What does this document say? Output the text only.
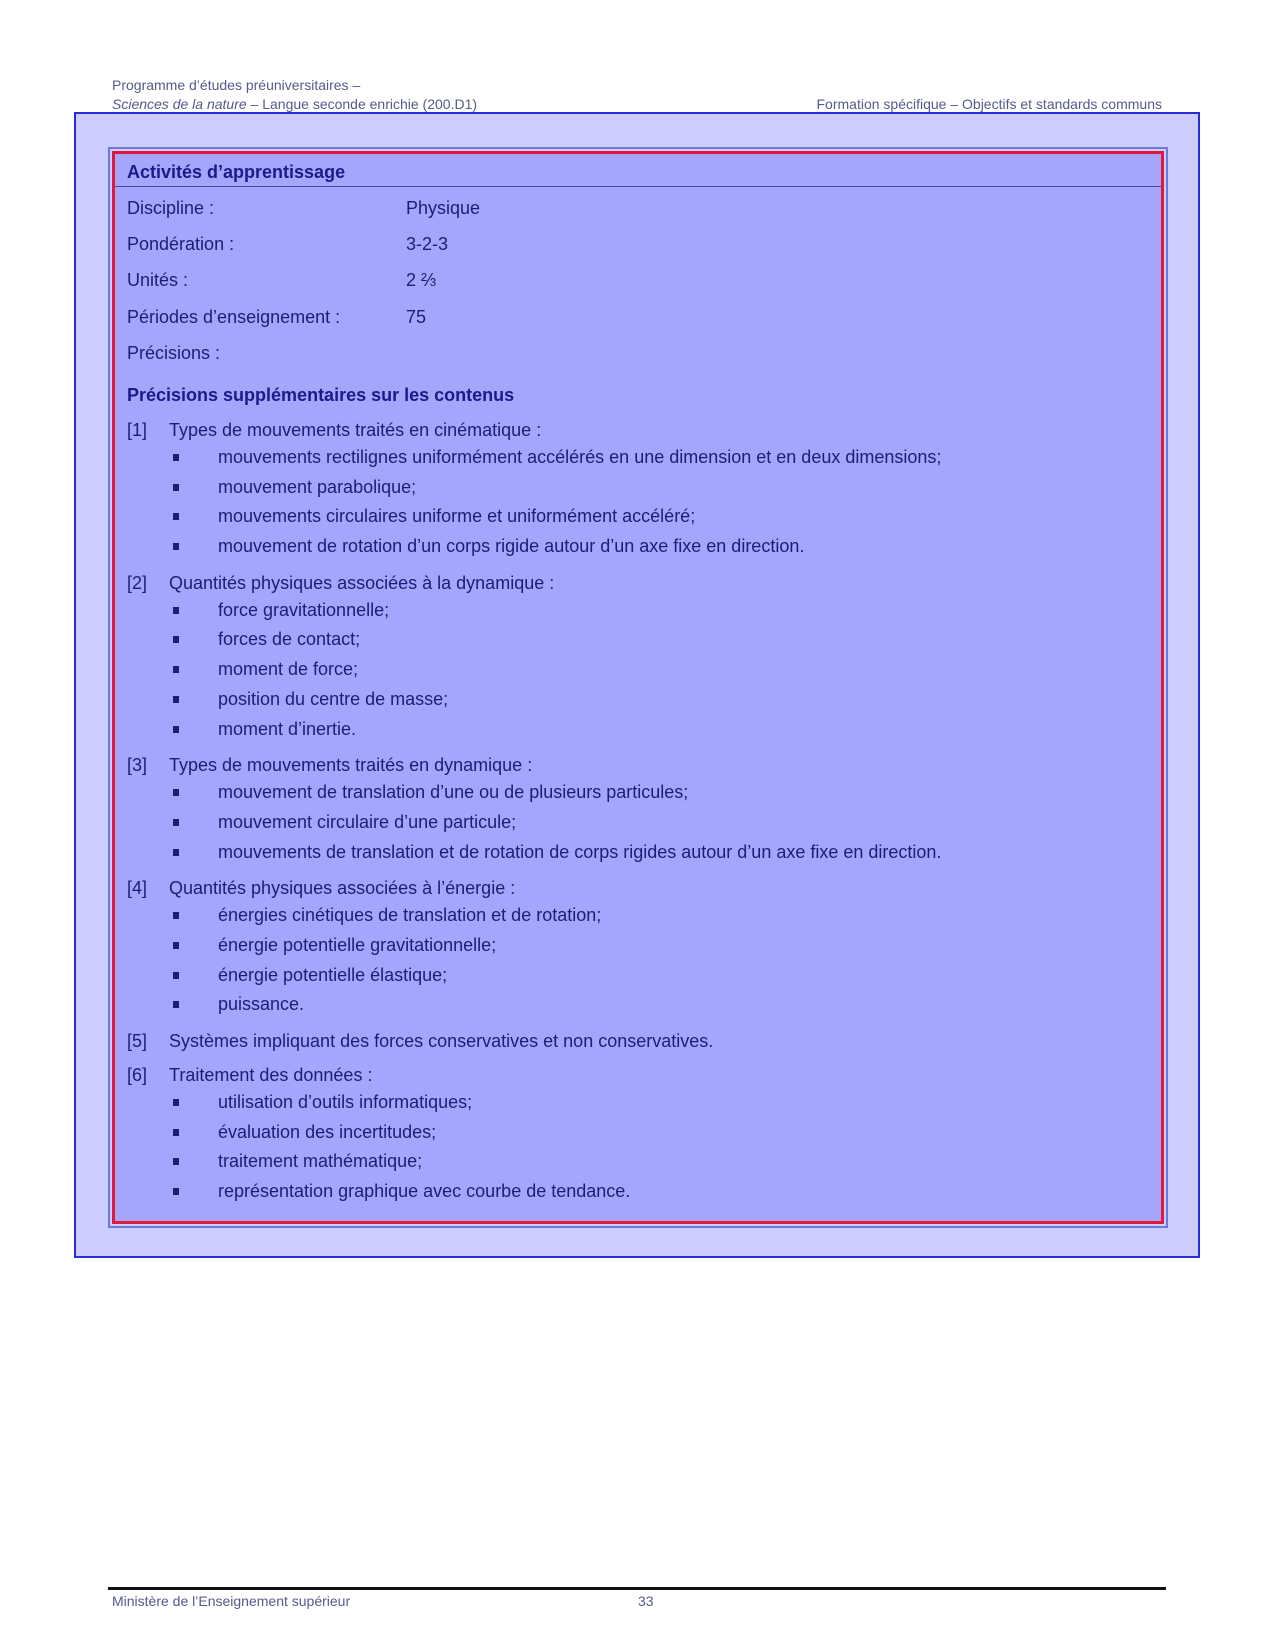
Programme d’études préuniversitaires –
Sciences de la nature – Langue seconde enrichie (200.D1)	Formation spécifique – Objectifs et standards communs
Activités d’apprentissage
Discipline :	Physique
Pondération :	3-2-3
Unités :	2 ⅔
Périodes d’enseignement :	75
Précisions :
Précisions supplémentaires sur les contenus
[1] Types de mouvements traités en cinématique :
mouvements rectilignes uniformément accélérés en une dimension et en deux dimensions;
mouvement parabolique;
mouvements circulaires uniforme et uniformément accéléré;
mouvement de rotation d’un corps rigide autour d’un axe fixe en direction.
[2] Quantités physiques associées à la dynamique :
force gravitationnelle;
forces de contact;
moment de force;
position du centre de masse;
moment d’inertie.
[3] Types de mouvements traités en dynamique :
mouvement de translation d’une ou de plusieurs particules;
mouvement circulaire d’une particule;
mouvements de translation et de rotation de corps rigides autour d’un axe fixe en direction.
[4] Quantités physiques associées à l’énergie :
énergies cinétiques de translation et de rotation;
énergie potentielle gravitationnelle;
énergie potentielle élastique;
puissance.
[5] Systèmes impliquant des forces conservatives et non conservatives.
[6] Traitement des données :
utilisation d’outils informatiques;
évaluation des incertitudes;
traitement mathématique;
représentation graphique avec courbe de tendance.
Ministère de l’Enseignement supérieur	33
